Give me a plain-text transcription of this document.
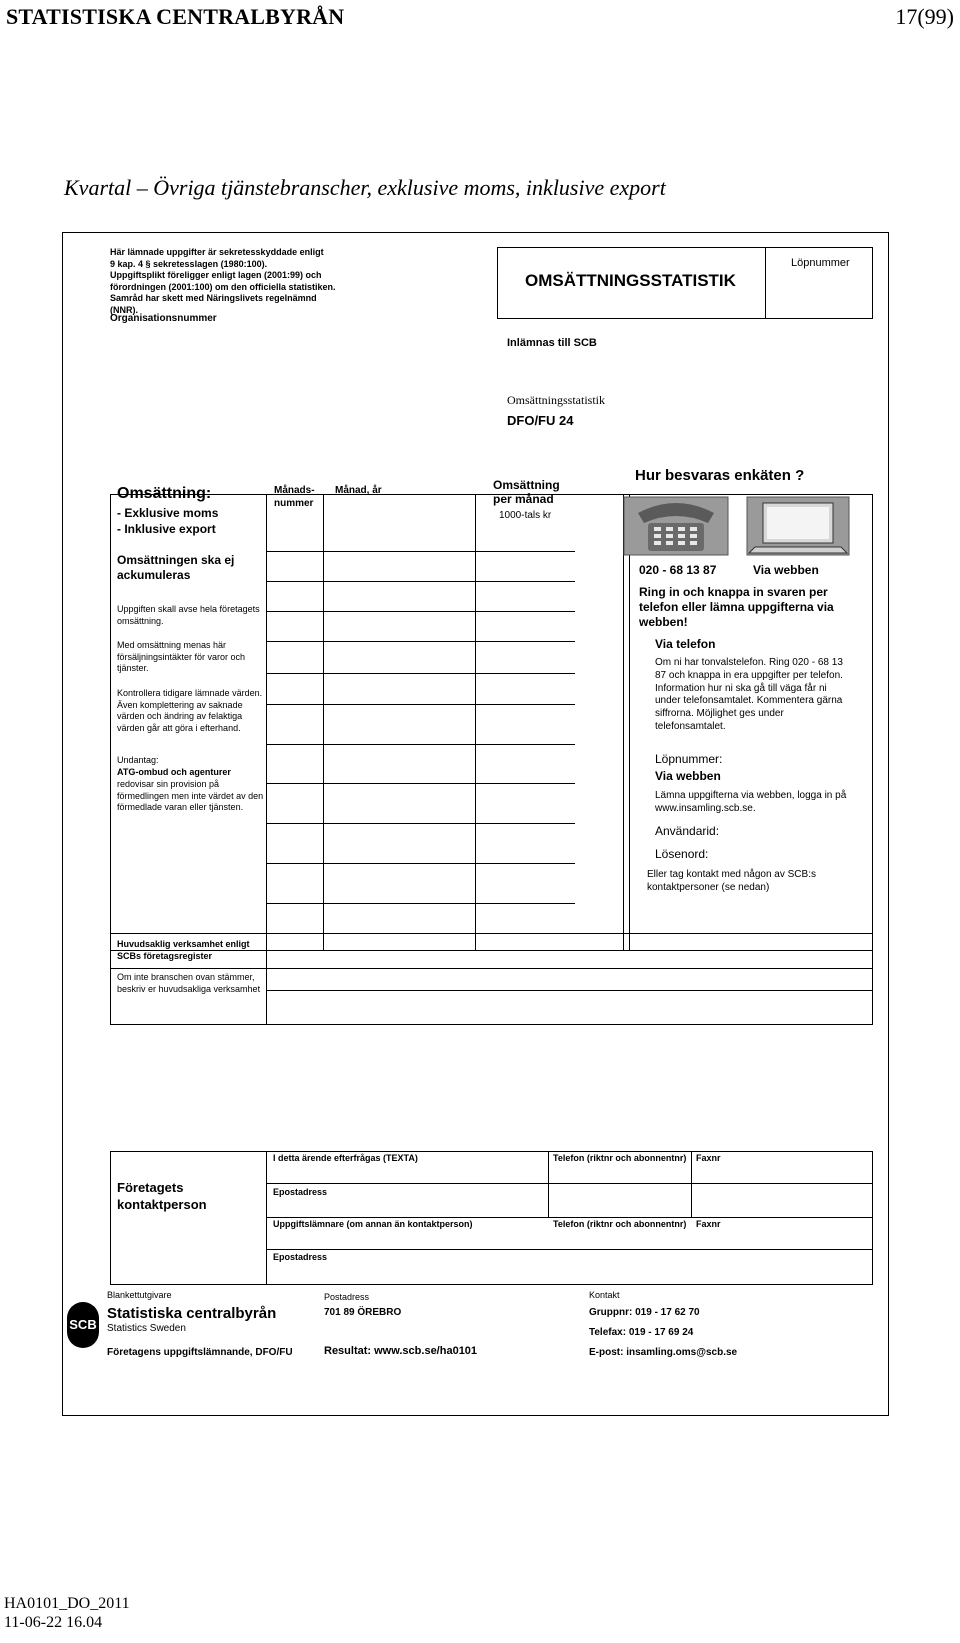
STATISTISKA CENTRALBYRÅN	17(99)
Kvartal – Övriga tjänstebranscher, exklusive moms, inklusive export
Här lämnade uppgifter är sekretesskyddade enligt
9 kap. 4 § sekretesslagen (1980:100).
Uppgiftsplikt föreligger enligt lagen (2001:99) och
förordningen (2001:100) om den officiella statistiken.
Samråd har skett med Näringslivets regelnämnd (NNR).
Organisationsnummer
OMSÄTTNINGSSTATISTIK
Löpnummer
Inlämnas till SCB
Omsättningsstatistik
DFO/FU 24
Månads-
nummer
Månad, år	Omsättning
per månad
1000-tals kr
Omsättning:
- Exklusive moms
- Inklusive export
Omsättningen ska ej ackumuleras
Uppgiften skall avse hela företagets omsättning.
Med omsättning menas här försäljningsintäkter för varor och tjänster.
Kontrollera tidigare lämnade värden. Även komplettering av saknade värden och ändring av felaktiga värden går att göra i efterhand.
Undantag:
ATG-ombud och agenturer
redovisar sin provision på förmedlingen men inte värdet av den förmedlade varan eller tjänsten.
Hur besvaras enkäten ?
020 - 68 13 87	Via webben
Ring in och knappa in svaren per telefon eller lämna uppgifterna via webben!
Via telefon
Om ni har tonvalstelefon. Ring 020 - 68 13 87 och knappa in era uppgifter per telefon. Information hur ni ska gå till väga får ni under telefonsamtalet. Kommentera gärna siffrorna. Möjlighet ges under telefonsamtalet.
Löpnummer:
Via webben
Lämna uppgifterna via webben, logga in på www.insamling.scb.se.
Användarid:
Lösenord:
Eller tag kontakt med någon av SCB:s kontaktpersoner (se nedan)
Huvudsaklig verksamhet enligt SCBs företagsregister
Om inte branschen ovan stämmer, beskriv er huvudsakliga verksamhet
Företagets kontaktperson
I detta ärende efterfrågas (TEXTA)	Telefon (riktnr och abonnentnr) Faxnr
Epostadress
Uppgiftslämnare (om annan än kontaktperson)	Telefon (riktnr och abonnentnr) Faxnr
Epostadress
Blankettutgivare
SCB
Statistiska centralbyrån
Statistics Sweden
Postadress
701 89 ÖREBRO
Kontakt
Gruppnr: 019 - 17 62 70
Telefax: 019 - 17 69 24
E-post: insamling.oms@scb.se
Företagens uppgiftslämnande, DFO/FU	Resultat: www.scb.se/ha0101
HA0101_DO_2011
11-06-22 16.04
